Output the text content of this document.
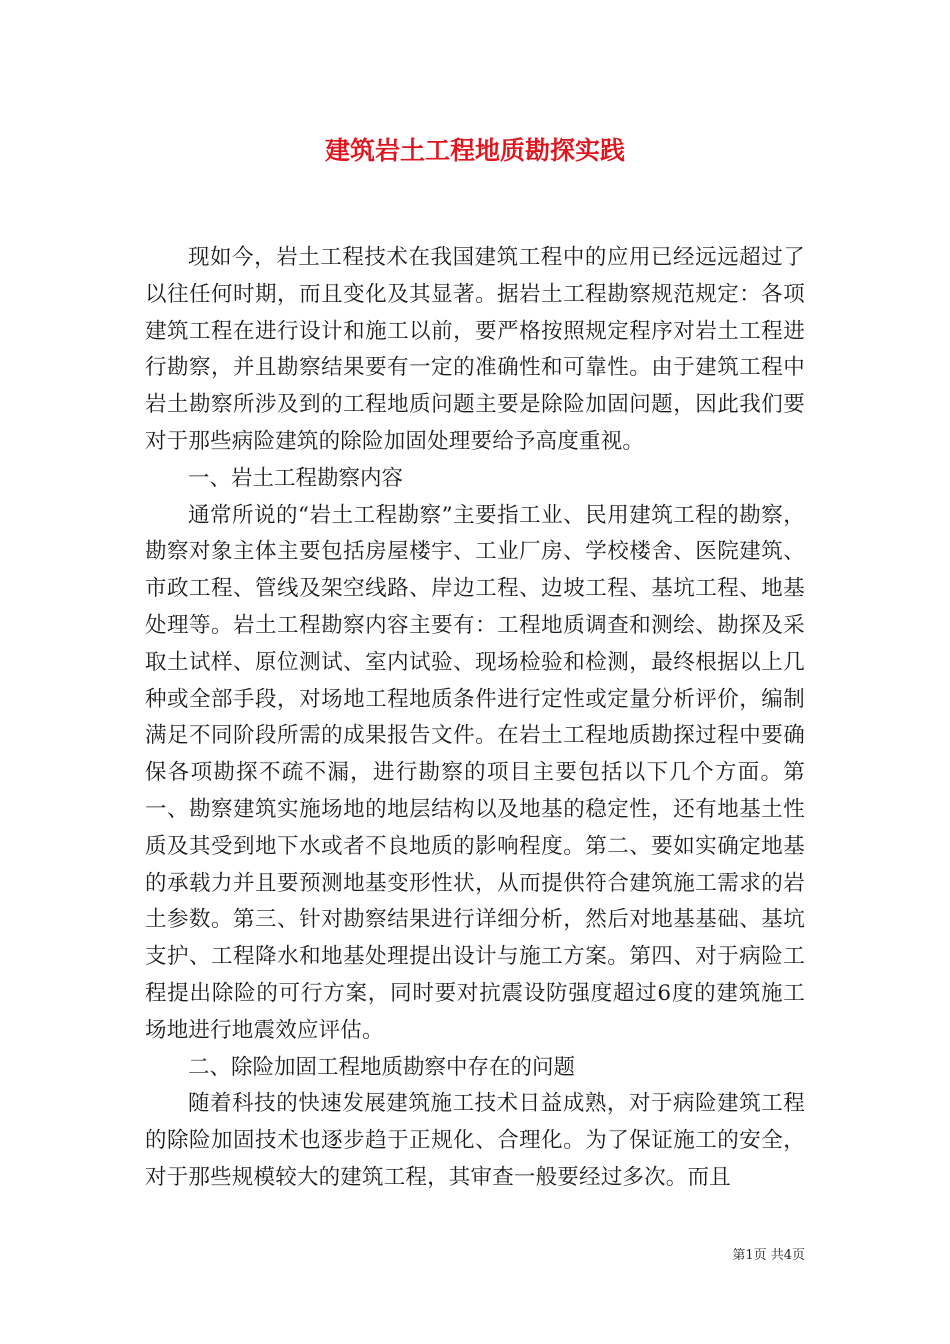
建筑岩土工程地质勘探实践

现如今，岩土工程技术在我国建筑工程中的应用已经远远超过了以往任何时期，而且变化及其显著。据岩土工程勘察规范规定：各项建筑工程在进行设计和施工以前，要严格按照规定程序对岩土工程进行勘察，并且勘察结果要有一定的准确性和可靠性。由于建筑工程中岩土勘察所涉及到的工程地质问题主要是除险加固问题，因此我们要对于那些病险建筑的除险加固处理要给予高度重视。

一、岩土工程勘察内容

通常所说的“岩土工程勘察”主要指工业、民用建筑工程的勘察，勘察对象主体主要包括房屋楼宇、工业厂房、学校楼舍、医院建筑、市政工程、管线及架空线路、岸边工程、边坡工程、基坑工程、地基处理等。岩土工程勘察内容主要有：工程地质调查和测绘、勘探及采取土试样、原位测试、室内试验、现场检验和检测，最终根据以上几种或全部手段，对场地工程地质条件进行定性或定量分析评价，编制满足不同阶段所需的成果报告文件。在岩土工程地质勘探过程中要确保各项勘探不疏不漏，进行勘察的项目主要包括以下几个方面。第一、勘察建筑实施场地的地层结构以及地基的稳定性，还有地基土性质及其受到地下水或者不良地质的影响程度。第二、要如实确定地基的承载力并且要预测地基变形性状，从而提供符合建筑施工需求的岩土参数。第三、针对勘察结果进行详细分析，然后对地基基础、基坑支护、工程降水和地基处理提出设计与施工方案。第四、对于病险工程提出除险的可行方案，同时要对抗震设防强度超过6度的建筑施工场地进行地震效应评估。

二、除险加固工程地质勘察中存在的问题

随着科技的快速发展建筑施工技术日益成熟，对于病险建筑工程的除险加固技术也逐步趋于正规化、合理化。为了保证施工的安全，对于那些规模较大的建筑工程，其审查一般要经过多次。而且

第1页 共4页
